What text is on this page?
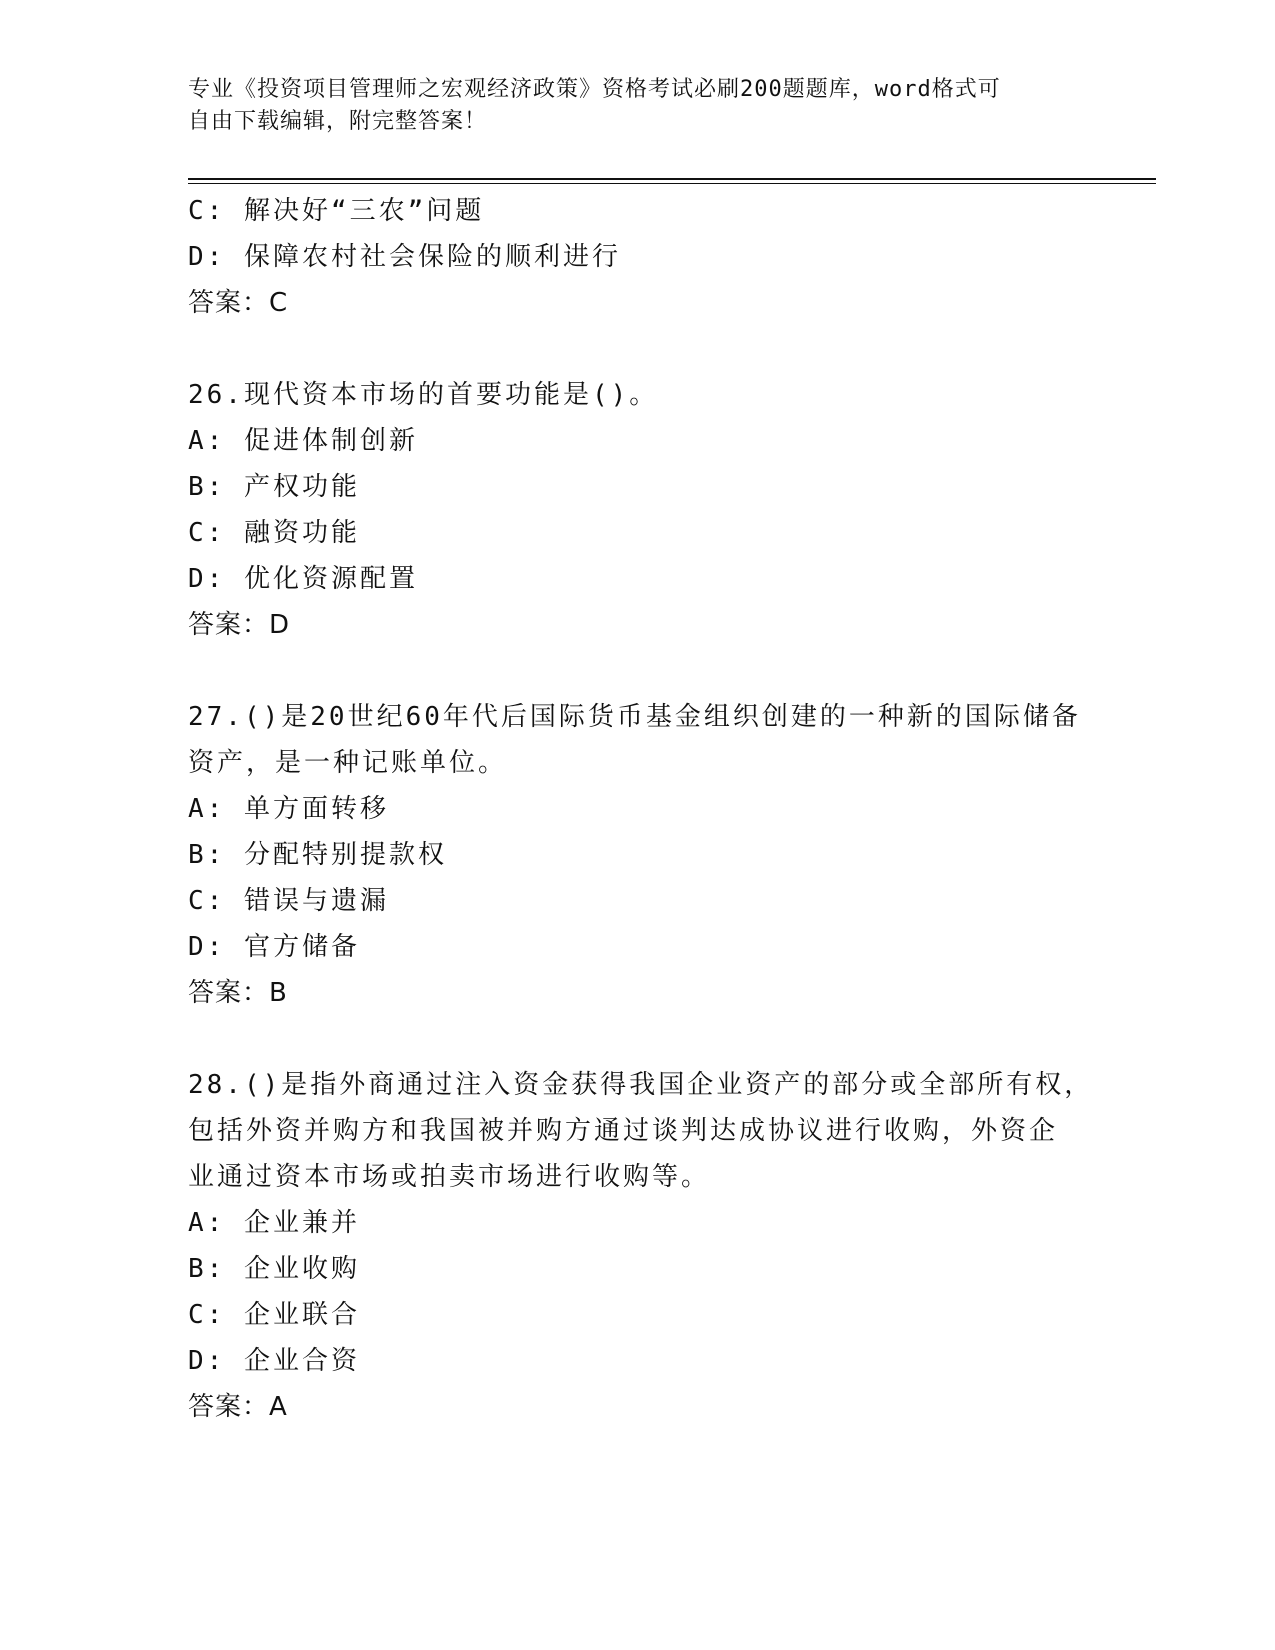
专业《投资项目管理师之宏观经济政策》资格考试必刷200题题库，word格式可
自由下载编辑，附完整答案！
C: 解决好“三农”问题
D: 保障农村社会保险的顺利进行
答案：C
26.现代资本市场的首要功能是()。
A: 促进体制创新
B: 产权功能
C: 融资功能
D: 优化资源配置
答案：D
27.()是20世纪60年代后国际货币基金组织创建的一种新的国际储备
资产，是一种记账单位。
A: 单方面转移
B: 分配特别提款权
C: 错误与遗漏
D: 官方储备
答案：B
28.()是指外商通过注入资金获得我国企业资产的部分或全部所有权，
包括外资并购方和我国被并购方通过谈判达成协议进行收购，外资企
业通过资本市场或拍卖市场进行收购等。
A: 企业兼并
B: 企业收购
C: 企业联合
D: 企业合资
答案：A
